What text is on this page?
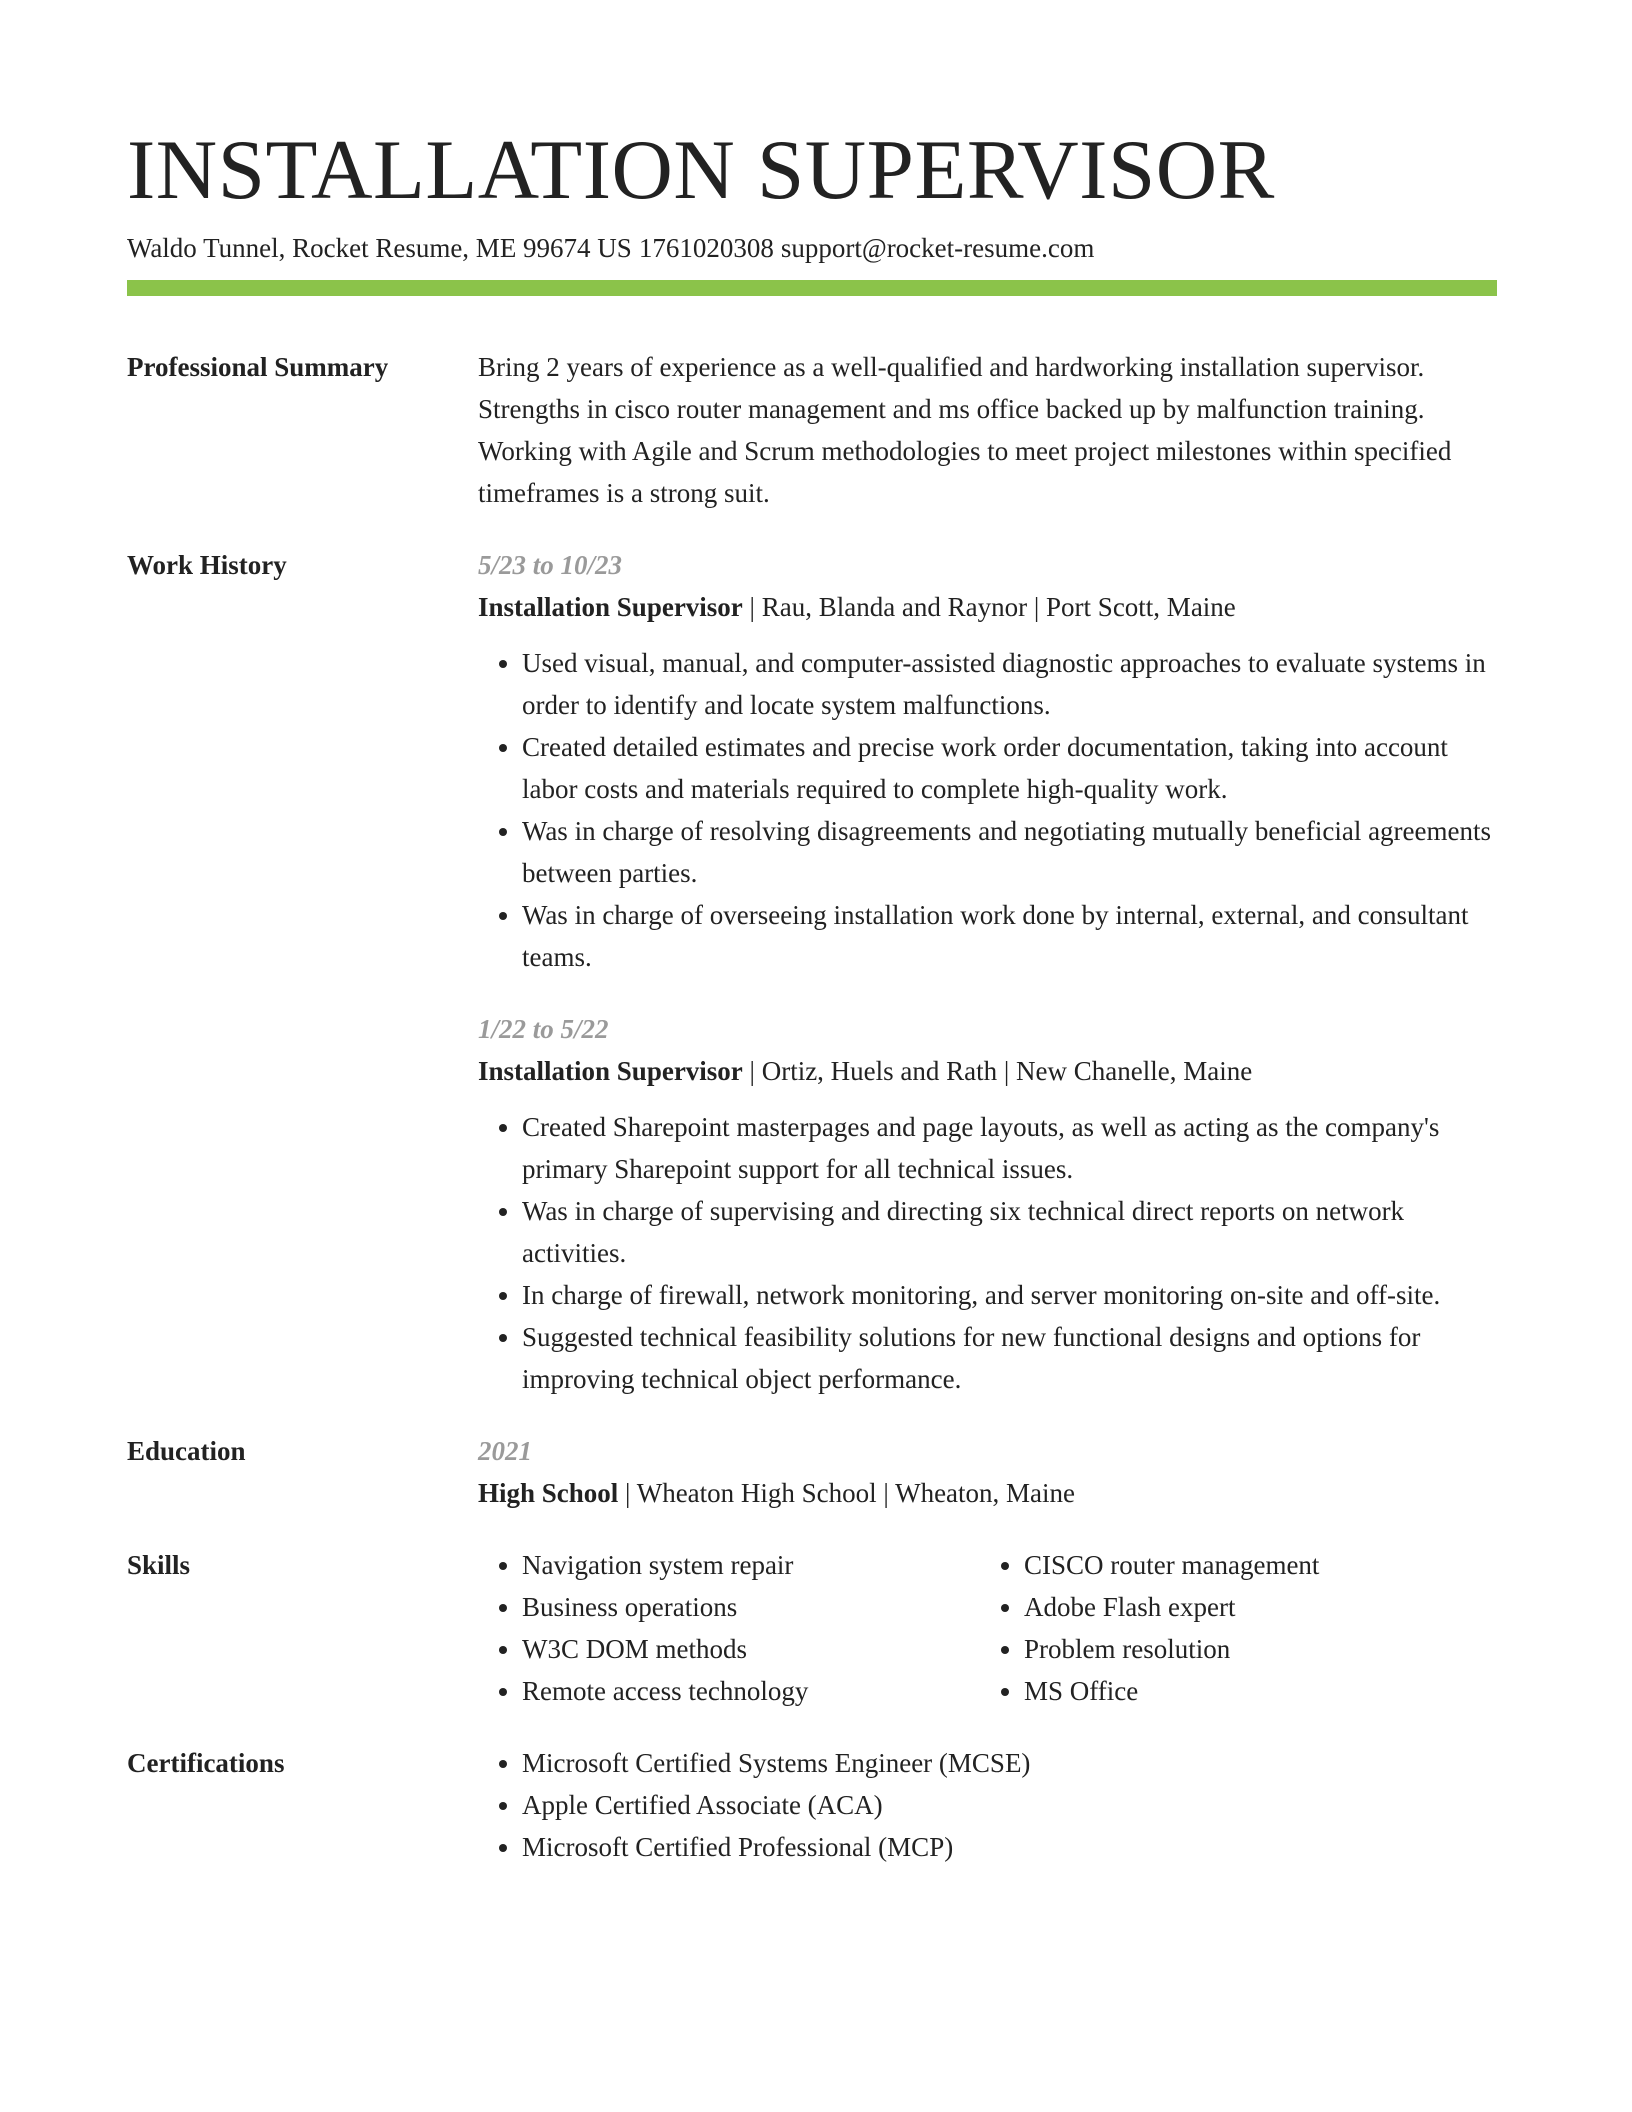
INSTALLATION SUPERVISOR
Waldo Tunnel, Rocket Resume, ME 99674 US 1761020308 support@rocket-resume.com
Professional Summary	Bring 2 years of experience as a well-qualified and hardworking installation supervisor. Strengths in cisco router management and ms office backed up by malfunction training. Working with Agile and Scrum methodologies to meet project milestones within specified timeframes is a strong suit.
Work History	5/23 to 10/23
Installation Supervisor | Rau, Blanda and Raynor | Port Scott, Maine
• Used visual, manual, and computer-assisted diagnostic approaches to evaluate systems in order to identify and locate system malfunctions.
• Created detailed estimates and precise work order documentation, taking into account labor costs and materials required to complete high-quality work.
• Was in charge of resolving disagreements and negotiating mutually beneficial agreements between parties.
• Was in charge of overseeing installation work done by internal, external, and consultant teams.
1/22 to 5/22
Installation Supervisor | Ortiz, Huels and Rath | New Chanelle, Maine
• Created Sharepoint masterpages and page layouts, as well as acting as the company's primary Sharepoint support for all technical issues.
• Was in charge of supervising and directing six technical direct reports on network activities.
• In charge of firewall, network monitoring, and server monitoring on-site and off-site.
• Suggested technical feasibility solutions for new functional designs and options for improving technical object performance.
Education	2021
High School | Wheaton High School | Wheaton, Maine
Skills	• Navigation system repair
• Business operations
• W3C DOM methods
• Remote access technology
• CISCO router management
• Adobe Flash expert
• Problem resolution
• MS Office
Certifications	• Microsoft Certified Systems Engineer (MCSE)
• Apple Certified Associate (ACA)
• Microsoft Certified Professional (MCP)
